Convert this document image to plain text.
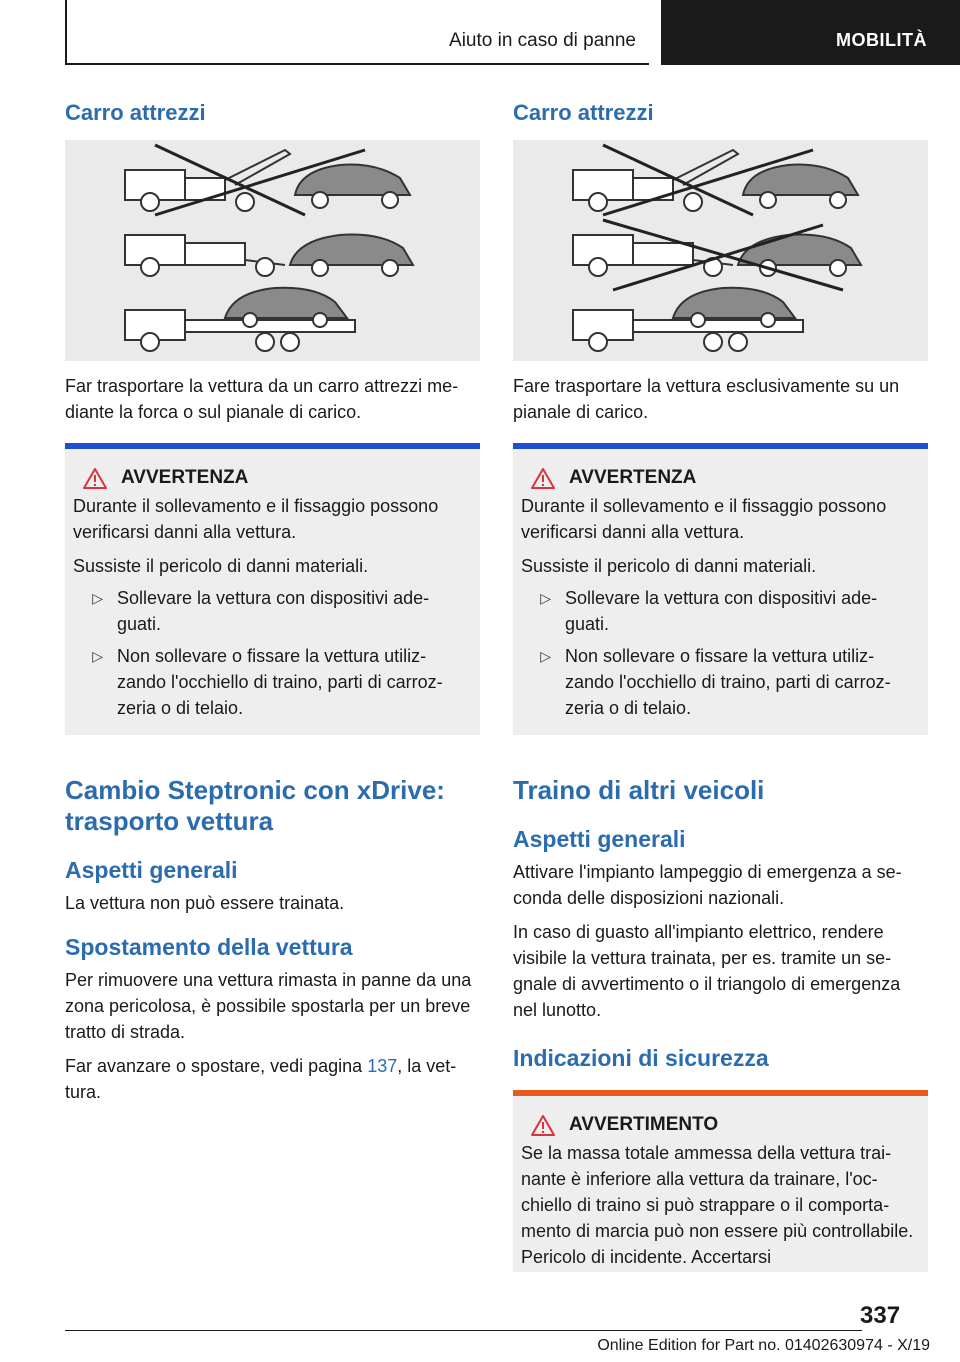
Aiuto in caso di panne	MOBILITÀ
Carro attrezzi

Far trasportare la vettura da un carro attrezzi me-diante la forca o sul pianale di carico.

AVVERTENZA

Durante il sollevamento e il fissaggio possono verificarsi danni alla vettura.

Sussiste il pericolo di danni materiali.

▷ Sollevare la vettura con dispositivi ade-guati.
▷ Non sollevare o fissare la vettura utiliz-zando l'occhiello di traino, parti di carroz-zeria o di telaio.
Cambio Steptronic con xDrive: trasporto vettura
Aspetti generali

La vettura non può essere trainata.

Spostamento della vettura

Per rimuovere una vettura rimasta in panne da una zona pericolosa, è possibile spostarla per un breve tratto di strada.

Far avanzare o spostare, vedi pagina 137, la vet-tura.

Carro attrezzi

Fare trasportare la vettura esclusivamente su un pianale di carico.

AVVERTENZA

Durante il sollevamento e il fissaggio possono verificarsi danni alla vettura.

Sussiste il pericolo di danni materiali.

▷ Sollevare la vettura con dispositivi ade-guati.
▷ Non sollevare o fissare la vettura utiliz-zando l'occhiello di traino, parti di carroz-zeria o di telaio.
Traino di altri veicoli
Aspetti generali

Attivare l'impianto lampeggio di emergenza a se-conda delle disposizioni nazionali.

In caso di guasto all'impianto elettrico, rendere visibile la vettura trainata, per es. tramite un se-gnale di avvertimento o il triangolo di emergenza nel lunotto.

Indicazioni di sicurezza
AVVERTIMENTO

Se la massa totale ammessa della vettura trai-nante è inferiore alla vettura da trainare, l'oc-chiello di traino si può strappare o il comporta-mento di marcia può non essere più controllabile. Pericolo di incidente. Accertarsi

337
Online Edition for Part no. 01402630974 - X/19
